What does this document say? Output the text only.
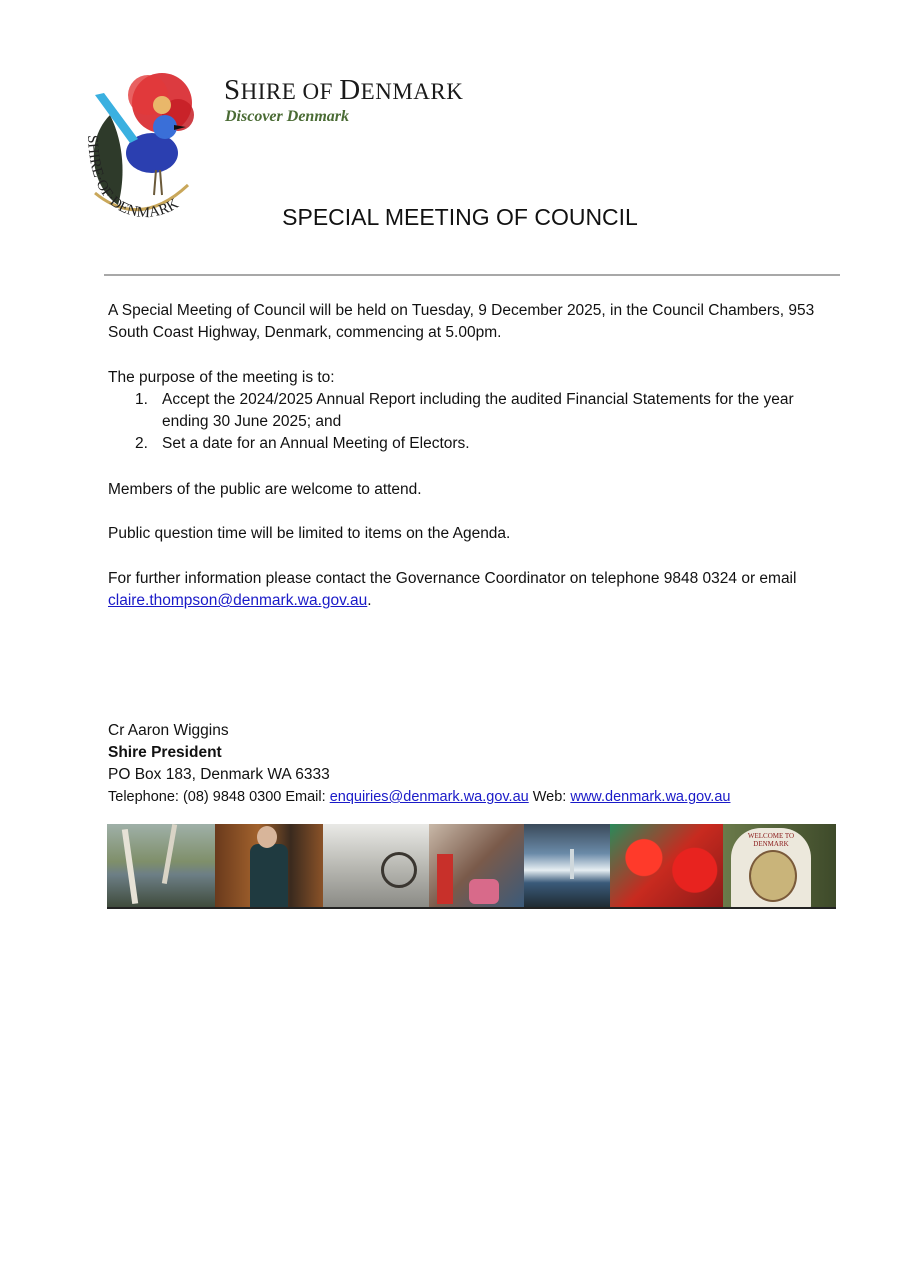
SHIRE·OF·DENMARK
SHIRE OF DENMARK
Discover Denmark
SPECIAL MEETING OF COUNCIL
A Special Meeting of Council will be held on Tuesday, 9 December 2025, in the Council Chambers, 953 South Coast Highway, Denmark, commencing at 5.00pm.
The purpose of the meeting is to:
1. Accept the 2024/2025 Annual Report including the audited Financial Statements for the year ending 30 June 2025; and
2. Set a date for an Annual Meeting of Electors.
Members of the public are welcome to attend.
Public question time will be limited to items on the Agenda.
For further information please contact the Governance Coordinator on telephone 9848 0324 or email claire.thompson@denmark.wa.gov.au.
Cr Aaron Wiggins
Shire President
PO Box 183, Denmark WA 6333
Telephone: (08) 9848 0300 Email: enquiries@denmark.wa.gov.au Web: www.denmark.wa.gov.au
WELCOME TO DENMARK
